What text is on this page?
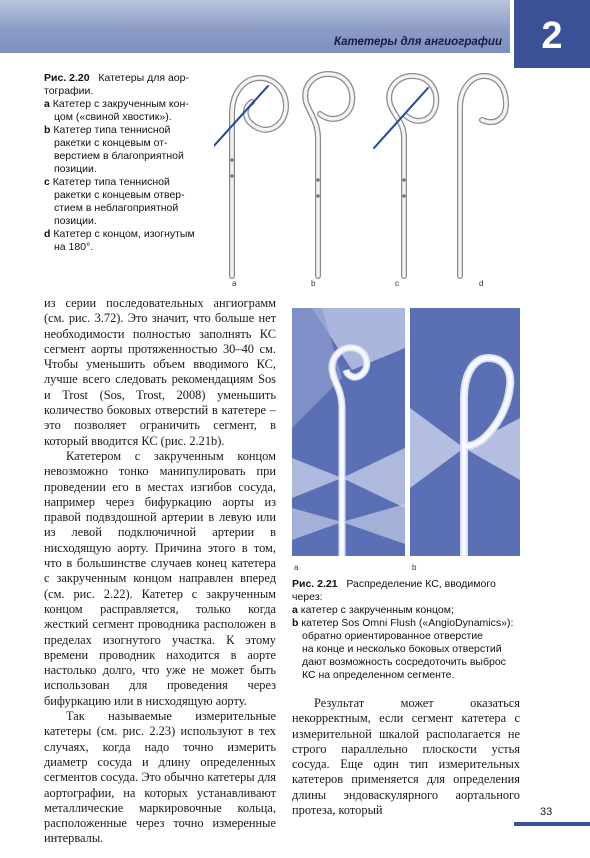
Катетеры для ангиографии	2
Рис. 2.20 Катетеры для аор-
тографии.
a Катетер с закрученным кон-
цом («свиной хвостик»).
b Катетер типа теннисной
ракетки с концевым от-
верстием в благоприятной
позиции.
c Катетер типа теннисной
ракетки с концевым отвер-
стием в неблагоприятной
позиции.
d Катетер с концом, изогнутым
на 180°.
a	b	c	d

из серии последовательных ангиограмм (см. рис. 3.72). Это значит, что больше нет необходимости полностью заполнять КС сегмент аорты протяженностью 30–40 см. Чтобы уменьшить объем вводимого КС, лучше всего следовать рекомендациям Sos и Trost (Sos, Trost, 2008) уменьшить количество боковых отверстий в катетере – это позволяет ограничить сегмент, в который вводится КС (рис. 2.21b).

Катетером с закрученным концом невозможно тонко манипулировать при проведении его в местах изгибов сосуда, например через бифуркацию аорты из правой подвздошной артерии в левую или из левой подключичной артерии в нисходящую аорту. Причина этого в том, что в большинстве случаев конец катетера с закрученным концом направлен вперед (см. рис. 2.22). Катетер с закрученным концом расправляется, только когда жесткий сегмент проводника расположен в пределах изогнутого участка. К этому времени проводник находится в аорте настолько долго, что уже не может быть использован для проведения через бифуркацию или в нисходящую аорту.

Так называемые измерительные катетеры (см. рис. 2.23) используют в тех случаях, когда надо точно измерить диаметр сосуда и длину определенных сегментов сосуда. Это обычно катетеры для аортографии, на которых устанавливают металлические маркировочные кольца, расположенные через точно измеренные интервалы.

a	b
Рис. 2.21 Распределение КС, вводимого
через:
a катетер с закрученным концом;
b катетер Sos Omni Flush («AngioDynamics»):
обратно ориентированное отверстие
на конце и несколько боковых отверстий
дают возможность сосредоточить выброс
КС на определенном сегменте.

Результат может оказаться некорректным, если сегмент катетера с измерительной шкалой располагается не строго параллельно плоскости устья сосуда. Еще один тип измерительных катетеров применяется для определения длины эндоваскулярного аортального протеза, который	33
